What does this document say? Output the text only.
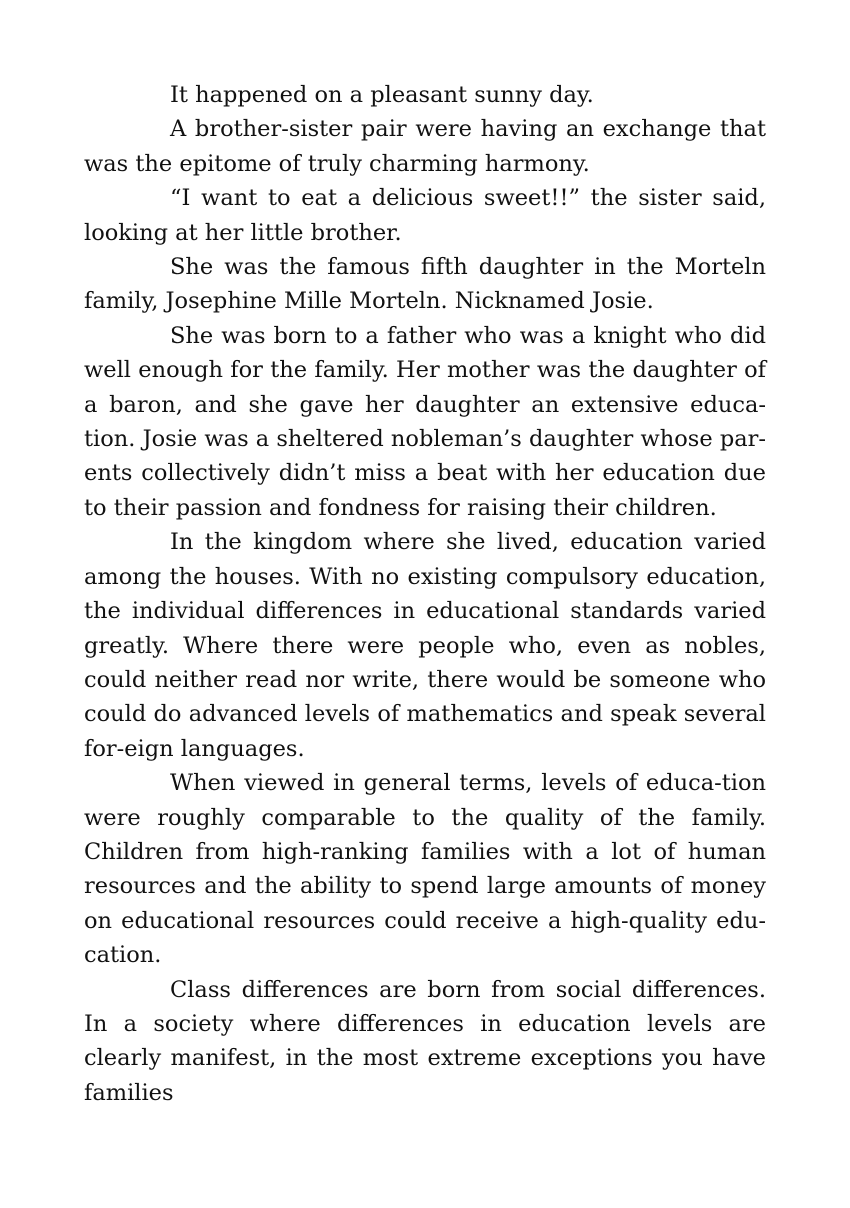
It happened on a pleasant sunny day.

A brother-sister pair were having an exchange that was the epitome of truly charming harmony.

“I want to eat a delicious sweet!!” the sister said, looking at her little brother.

She was the famous fifth daughter in the Morteln family, Josephine Mille Morteln. Nicknamed Josie.

She was born to a father who was a knight who did well enough for the family. Her mother was the daughter of a baron, and she gave her daughter an extensive educa-tion. Josie was a sheltered nobleman’s daughter whose par-ents collectively didn’t miss a beat with her education due to their passion and fondness for raising their children.

In the kingdom where she lived, education varied among the houses. With no existing compulsory education, the individual differences in educational standards varied greatly. Where there were people who, even as nobles, could neither read nor write, there would be someone who could do advanced levels of mathematics and speak several for-eign languages.

When viewed in general terms, levels of educa-tion were roughly comparable to the quality of the family. Children from high-ranking families with a lot of human resources and the ability to spend large amounts of money on educational resources could receive a high-quality edu-cation.

Class differences are born from social differences. In a society where differences in education levels are clearly manifest, in the most extreme exceptions you have families
